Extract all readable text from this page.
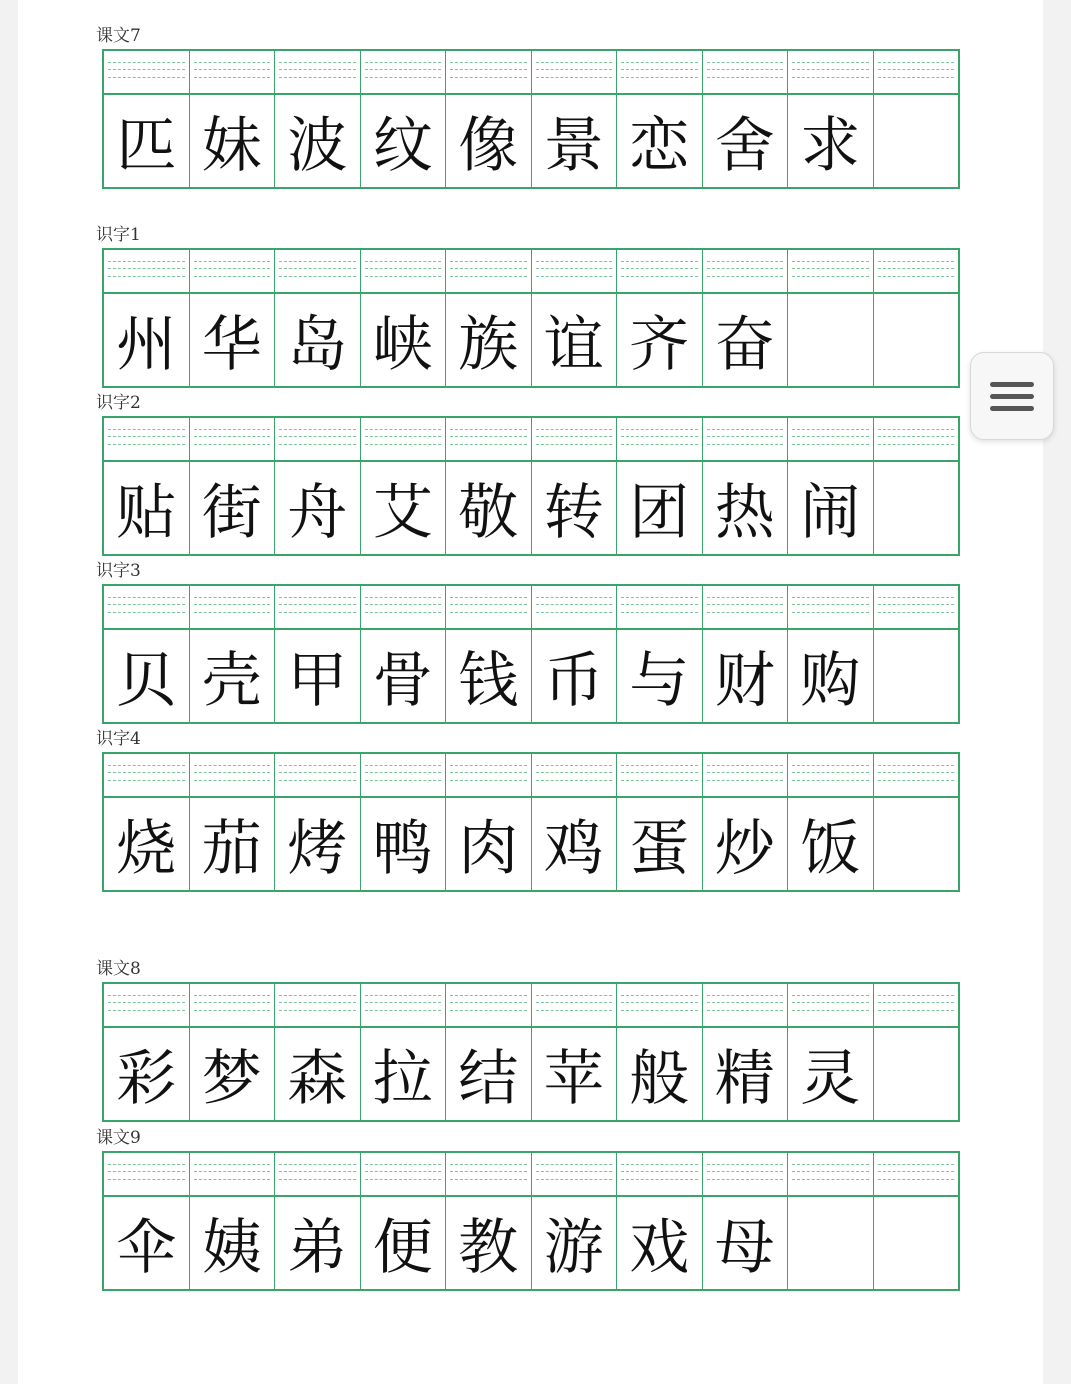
课文7
匹 妹 波 纹 像 景 恋 舍 求
识字1
州 华 岛 峡 族 谊 齐 奋
识字2
贴 街 舟 艾 敬 转 团 热 闹
识字3
贝 壳 甲 骨 钱 币 与 财 购
识字4
烧 茄 烤 鸭 肉 鸡 蛋 炒 饭
课文8
彩 梦 森 拉 结 苹 般 精 灵
课文9
伞 姨 弟 便 教 游 戏 母
